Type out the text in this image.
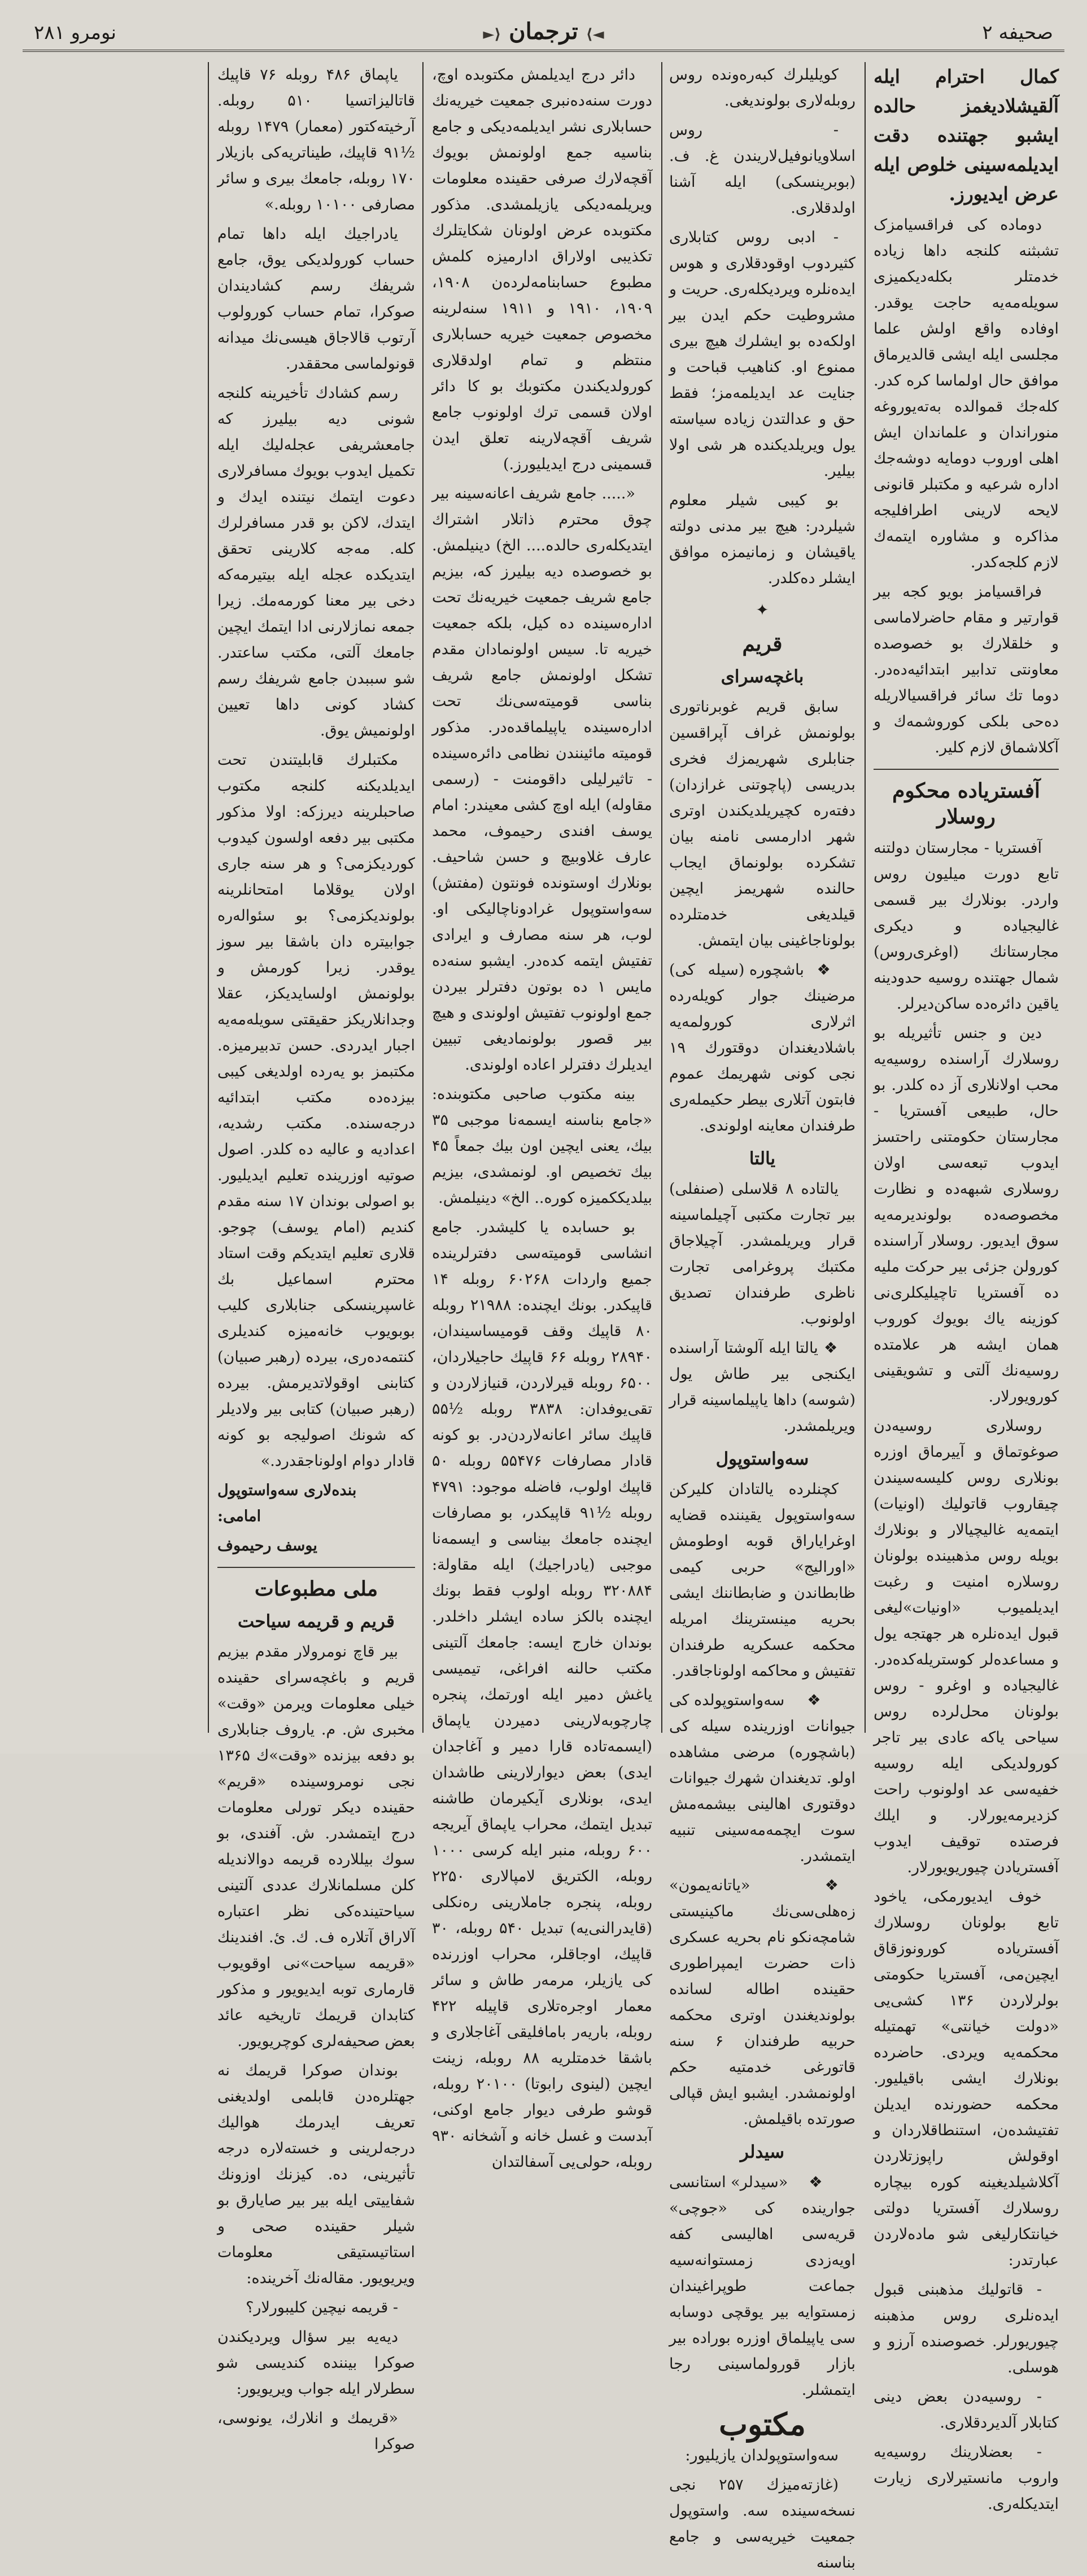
صحیفه ۲
◄⟩ ترجمان ⟨►
نومرو ۲۸۱

کمال احترام ایله آلقیشلادیغمز حالده ایشبو جهتنده دقت ایدیلمه‌سینی خلوص ایله عرض ایدیورز.

دوماده کی فراقسیامزک تشبثنه کلنجه داها زیاده خدمتلر بکله‌دیکمیزی سویله‌مه‌یه حاجت یوقدر. اوفاده واقع اولش علما مجلسی ایله ایشی قالدیرماق موافق حال اولماسا کره کدر. کله‌جك قموالده به‌ته‌یوروغه منوراندان و علماندان ایش اهلی اوروب دومایه دوشه‌جك اداره شرعیه و مکتبلر قانونی لایحه لارینی اطرافلیجه مذاکره و مشاوره ایتمه‌ك لازم کلجه‌کدر.

فراقسیامز بویو کجه بیر قوارتیر و مقام حاضرلاماسی و خلقلارك بو خصوصده معاونتی تدابیر ابتدائیه‌ده‌در. دوما تك سائر فراقسیالاریله ده‌حی بلکی کوروشمه‌ك و آکلاشماق لازم کلیر.

آفستریاده محکوم روسلار

آفستریا - مجارستان دولتنه تابع دورت میلیون روس واردر. بونلارك بیر قسمی غالیجیاده و دیکری مجارستانك (اوغری‌روس) شمال جهتنده روسیه حدودینه یاقین دائره‌ده ساکن‌دیرلر.

دین و جنس تأثیریله بو روسلارك آراسنده روسیه‌یه محب اولانلاری آز ده کلدر. بو حال، طبیعی آفستریا - مجارستان حکومتنی راحتسز ایدوب تبعه‌سی اولان روسلاری شبهه‌ده و نظارت مخصوصه‌ده بولوندیرمه‌یه سوق ایدیور. روسلار آراسنده کورولن جزئی بیر حرکت ملیه ده آفستریا تاچیلیکلری‌نی کوزینه یاك بویوك کوروب همان ایشه هر علامتده روسیه‌نك آلتی و تشویقینی کورویورلار.

روسلاری روسیه‌دن صوغوتماق و آییرماق اوزره بونلاری روس کلیسه‌سیندن چیقاروب قاتولیك (اونیات) ایتمه‌یه غالیچیالار و بونلارك بویله روس مذهبینده بولونان روسلاره امنیت و رغبت ایدیلمیوب «اونیات»لیغی قبول ایده‌نلره هر جهتجه یول و مساعده‌لر کوستریله‌کده‌در. غالیجیاده و اوغرو - روس بولونان محل‌لرده روس سیاحی یاکه عادی بیر تاجر کورولدیکی ایله روسیه خفیه‌سی عد اولونوب راحت کزدیرمه‌یورلار. و ایلك فرصتده توقیف ایدوب آفستریادن چیوریویورلار.

خوف ایدیورمکی، یاخود تابع بولونان روسلارك آفستریا‌ده کورونوزقاق ایچین‌می، آفستریا حکومتی بولرلاردن ۱۳۶ کشی‌یی «دولت خیانتی» تهمتیله محکمه‌یه ویردی. حاضرده بونلارك ایشی باقیلیور. محکمه حضورنده ایدیلن تفتیشده‌ن، استنطاقلاردان و اوقولش راپوزتلاردن آکلاشیلدیغینه کوره بیچاره روسلارك آفستریا دولتی خیانتکارلیغی شو ماده‌لاردن عبارتدر:

- قاتولیك مذهبنی قبول ایده‌نلری روس مذهبنه چیوریورلر. خصوصنده آرزو و هوسلی.

- روسیه‌دن بعض دینی کتابلار آلدیردقلاری.

- بعضلارینك روسیه‌یه واروب مانستیرلاری زیارت ایتدیکله‌ری.

کویلیلرك کبه‌ره‌ونده روس روبله‌لاری بولوندیغی.

- روس اسلاویانوفیل‌لاریندن غ. ف. (بوبرینسکی) ایله آشنا اولدقلاری.

- ادبی روس کتابلاری کثیردوب اوقودقلاری و هوس ایده‌نلره ویردیکله‌ری. حریت و مشروطیت حکم ایدن بیر اولکه‌ده بو ایشلرك هیچ بیری ممنوع او. کناهیب قباحت و جنایت عد ایدیلمه‌مز؛ فقط حق و عدالتدن زیاده سیاسته یول ویریلدیکنده هر شی اولا بیلیر.

بو کیبی شیلر معلوم شیلردر: هیچ بیر مدنی دولته یاقیشان و زمانیمزه موافق ایشلر ده‌کلدر.

✦
قریم
باغچه‌سرای

سابق قریم غوبرناتوری بولونمش غراف آپراقسین جنابلری شهریمزك فخری بدریسی (پاچوتنی غرازدان) دفته‌ره کچیریلدیکندن اوتری شهر ادارمسی نامنه بیان تشکرده بولونماق ایجاب حالنده شهریمز ایچین قیلدیغی خدمتلرده بولوناجاغینی بیان ایتمش.

❖ باشچوره (سیله کی) مرضینك جوار کویله‌رده اثرلاری کورولمه‌یه باشلادیغندان دوقتورك ۱۹ نجی کونی شهریمك عموم فابتون آتلاری بیطر حکیمله‌ری طرفندان معاینه اولوندی.

یالتا

یالتاده ۸ قلاسلی (صنفلی) بیر تجارت مکتبی آچیلماسینه قرار ویریلمشدر. آچیلاجاق مکتبك پروغرامی تجارت ناظری طرفندان تصدیق اولونوب.

❖ یالتا ایله آلوشتا آراسنده ایکنجی بیر طاش یول (شوسه) داها یاپیلماسینه قرار ویریلمشدر.

سه‌واستوپول

کچنلرده یالتادان کلیرکن سه‌واستوپول یقیننده قضایه اوغرایاراق قوبه اوطومش «اورالیج» حربی کیمی ظابطاندن و ضابطاننك ایشی بحریه مینسترینك امریله محکمه عسکریه طرفندان تفتیش و محاکمه اولوناجاقدر.

❖ سه‌واستوپولده کی جیوانات اوزرینده سیله کی (باشچوره) مرضی مشاهده اولو. تدیغندان شهرك جیوانات دوقتوری اهالینی بیشمه‌مش سوت ایچمه‌مه‌سینی تنبیه ایتمشدر.

❖ «یاتانه‌یمون» زه‌هلی‌سی‌نك ماکینیستی شامچه‌نکو نام بحریه عسکری ذات حضرت ایمپراطوری حقینده اطاله لسانده بولوندیغندن اوتری محکمه حربیه طرفندان ۶ سنه قاتورغی خدمتیه حکم اولونمشدر. ایشبو ایش قپالی صورتده باقیلمش.

سیدلر

❖ «سیدلر» استانسی جوارینده کی «جوچی» قریه‌سی اهالیسی کفه اویه‌زدی زمستوانه‌سیه جماعت طوپراغیندان زمستوایه بیر یوقچی دوسابه سی یاپیلماق اوزره بوراده بیر بازار قورولماسینی رجا ایتمشلر.

مکتوب

سه‌واستوپولدان یازیلیور:

(غازته‌میزك ۲۵۷ نجی نسخه‌سینده سه. واستوپول جمعیت خیریه‌سی و جامع بناسنه

دائر درج ایدیلمش مکتوبده اوچ، دورت سنه‌ده‌نبری جمعیت خیریه‌نك حسابلاری نشر ایدیلمه‌دیکی و جامع بناسیه جمع اولونمش بویوك آقچه‌لارك صرفی حقینده معلومات ویریلمه‌دیکی یازیلمشدی. مذکور مکتوبده عرض اولونان شکایتلرك تکذیبی اولاراق ادارمیزه کلمش مطبوع حسابنامه‌لرده‌ن ۱۹۰۸، ۱۹۰۹، ۱۹۱۰ و ۱۹۱۱ سنه‌لرینه مخصوص جمعیت خیریه حسابلاری منتظم و تمام اولدقلاری کورولدیکندن مکتوبك بو کا دائر اولان قسمی ترك اولونوب جامع شریف آقچه‌لارینه تعلق ایدن قسمینی درج ایدیلیورز.)

«..... جامع شریف اعانه‌سینه بیر چوق محترم ذاتلار اشتراك ایتدیکله‌ری حالده.... الخ) دینیلمش. بو خصوصده دیه بیلیرز که، بیزیم جامع شریف جمعیت خیریه‌نك تحت اداره‌سینده ده کیل، بلکه جمعیت خیریه تا. سیس اولونمادان مقدم تشکل اولونمش جامع شریف بناسی قومیته‌سی‌نك تحت اداره‌سینده یاپیلماقده‌در. مذکور قومیته مائینندن نظامی دائره‌سینده - تاثیرلیلی داقومنت - (رسمی مقاوله) ایله اوچ کشی معیندر: امام یوسف افندی رحیموف، محمد عارف غلاوبیچ و حسن شاحیف. بونلارك اوستونده فونتون (مفتش) سه‌واستوپول غرادوناچالیکی او. لوب، هر سنه مصارف و ایرادی تفتیش ایتمه کده‌در. ایشبو سنه‌ده مایس ۱ ده بوتون دفترلر بیردن جمع اولونوب تفتیش اولوندی و هیچ بیر قصور بولونمادیغی تبیین ایدیلرك دفترلر اعاده اولوندی.

بینه مکتوب صاحبی مکتوبنده: «جامع بناسنه ایسمه‌نا موجبی ۳۵ بیك، یعنی ایچین اون بیك جمعاً ۴۵ بیك تخصیص او. لونمشدی، بیزیم بیلدیککمیزه کوره.. الخ» دینیلمش.

بو حسابده یا کلیشدر. جامع انشاسی قومیته‌سی دفترلرینده جمیع واردات ۶۰۲۶۸ روبله ۱۴ قاپیکدر. بونك ایچنده: ۲۱۹۸۸ روبله ۸۰ قاپیك وقف قومیساسیندان، ۲۸۹۴۰ روبله ۶۶ قاپیك حاجیلاردان، ۶۵۰۰ روبله قیرلاردن، قنیازلاردن و تقی‌یوفدان: ۳۸۳۸ روبله ½۵۵ قاپیك سائر اعانه‌لاردن‌در. بو کونه قادار مصارفات ۵۵۴۷۶ روبله ۵۰ قاپیك اولوب، فاضله موجود: ۴۷۹۱ روبله ½۹۱ قاپیکدر، بو مصارفات ایچنده جامعك بیناسی و ایسمه‌نا موجبی (یادراجیك) ایله مقاولة: ۳۲۰۸۸۴ روبله اولوب فقط بونك ایچنده بالکز ساده ایشلر داخلدر. بوندان خارج ایسه: جامعك آلتینی مکتب حالنه افراغی، تیمیسی یاغش دمیر ایله اورتمك، پنجره چارچوبه‌لارینی دمیردن یاپماق (ایسمه‌تاده قارا دمیر و آغاجدان ایدی) بعض دیوارلارینی طاشدان ایدی، بونلاری آیکیرمان طاشنه تبدیل ایتمك، محراب یاپماق آیریجه ۶۰۰ روبله، منبر ایله کرسی ۱۰۰۰ روبله، الکتریق لامپالاری ۲۲۵۰ روبله، پنجره جاملارینی ره‌نکلی (قایدرالنی‌یه) تبدیل ۵۴۰ روبله، ۳۰ قاپیك، اوجاقلر، محراب اوزرنده کی یازیلر، مرمه‌ر طاش و سائر معمار اوجره‌تلاری قاپیله ۴۲۲ روبله، باریه‌ر بامافلیقی آغاجلاری و باشقا خدمتلریه ۸۸ روبله، زینت ایچین (لینوی رابوتا) ۲۰۱۰۰ روبله، قوشو طرفی دیوار جامع اوکنی، آبدست و غسل خانه و آشخانه ۹۳۰ روبله، حولی‌یی آسفالتدان

یاپماق ۴۸۶ روبله ۷۶ قاپیك قاتالیزاتسیا ۵۱۰ روبله. آرخیته‌کتور (معمار) ۱۴۷۹ روبله ½۹۱ قاپیك، طیناتریه‌کی بازیلار ۱۷۰ روبله، جامعك بیری و سائر مصارفی ۱۰۱۰۰ روبله.»

یادراجیك ایله داها تمام حساب کورولدیکی یوق، جامع شریفك رسم کشادیندان صوکرا، تمام حساب کورولوب آرتوب قالاجاق هیسی‌نك میدانه قونولماسی محققدر.

رسم کشادك تأخیرینه کلنجه شونی دیه بیلیرز که جامعشریفی عجله‌لیك ایله تکمیل ایدوب بویوك مسافرلاری دعوت ایتمك نیتنده ایدك و ایتدك، لاکن بو قدر مسافرلرك کله. مه‌جه کلارینی تحقق ایتدیکده عجله ایله بیتیرمه‌که دخی بیر معنا کورمه‌مك. زیرا جمعه نمازلارنی ادا ایتمك ایچین جامعك آلتی، مکتب ساعتدر. شو سببدن جامع شریفك رسم کشاد کونی داها تعیین اولونمیش یوق.

مکتبلرك قابلیتندن تحت ایدیلدیکنه کلنجه مکتوب صاحبلرینه دیرزکه: اولا مذکور مکتبی بیر دفعه اولسون کیدوب کوردیکزمی؟ و هر سنه جاری اولان یوقلاما امتحانلرینه بولوندیکزمی؟ بو سئواله‌ره جوابیتره دان باشقا بیر سوز یوقدر. زیرا کورمش و بولونمش اولسایدیکز، عقلا وجدانلاریکز حقیقتی سویله‌مه‌یه اجبار ایدردی. حسن تدبیرمیزه. مکتبمز بو یه‌رده اولدیغی کیبی بیزده‌ده مکتب ابتدائیه درجه‌سنده. مکتب رشدیه، اعدادیه و عالیه ده کلدر. اصول صوتیه اوزرینده تعلیم ایدیلیور. بو اصولی بوندان ۱۷ سنه مقدم کندیم (امام یوسف) چوجو. قلاری تعلیم ایتدیکم وقت استاد محترم اسماعیل بك غاسپرینسکی جنابلاری کلیب بوبویوب خانه‌میزه کندیلری کنتمه‌ده‌ری، بیرده (رهبر صبیان) کتابنی اوقولاتدیرمش. بیرده (رهبر صبیان) کتابی بیر ولادیلر که شونك اصولیجه بو کونه قادار دوام اولوناجقدرد.»

بنده‌لاری سه‌واستوپول امامی:

یوسف رحیموف

ملی مطبوعات
قریم و قریمه سیاحت

بیر قاچ نومرولار مقدم بیزیم قریم و باغچه‌سرای حقینده خیلی معلومات ویرمن «وقت» مخبری ش. م. یاروف جنابلاری بو دفعه بیزنده «وقت»ك ۱۳۶۵ نجی نومروسینده «قریم» حقینده دیکر تورلی معلومات درج ایتمشدر. ش. آفندی، بو سوك بیللارده قریمه دوالاندیله کلن مسلمانلارك عددی آلتینی سیاحتینده‌کی نظر اعتباره آلاراق آتلاره ف. ك. ئ. افندینك «قریمه سیاحت»نی اوقویوب قارماری توبه ایدیویور و مذکور کتابدان قریمك تاریخیه عائد بعض صحیفه‌لری کوچریویور.

بوندان صوکرا قریمك نه جهتلره‌دن قابلمی اولدیغنی تعریف ایدرمك هوالیك درجه‌لرینی و خسته‌لاره درجه تأثیرینی، ده. کیزنك اوزونك شفاییتی ایله بیر بیر صایارق بو شیلر حقینده صحی و استاتیستیقی معلومات ویریویور. مقاله‌نك آخرینده:

- قریمه نیچین کلیبورلار؟

دیه‌یه بیر سؤال ویردیکندن صوکرا بیننده کندیسی شو سطرلار ایله جواب ویریویور:

«قریمك و انلارك، یونوسی، صوکرا
